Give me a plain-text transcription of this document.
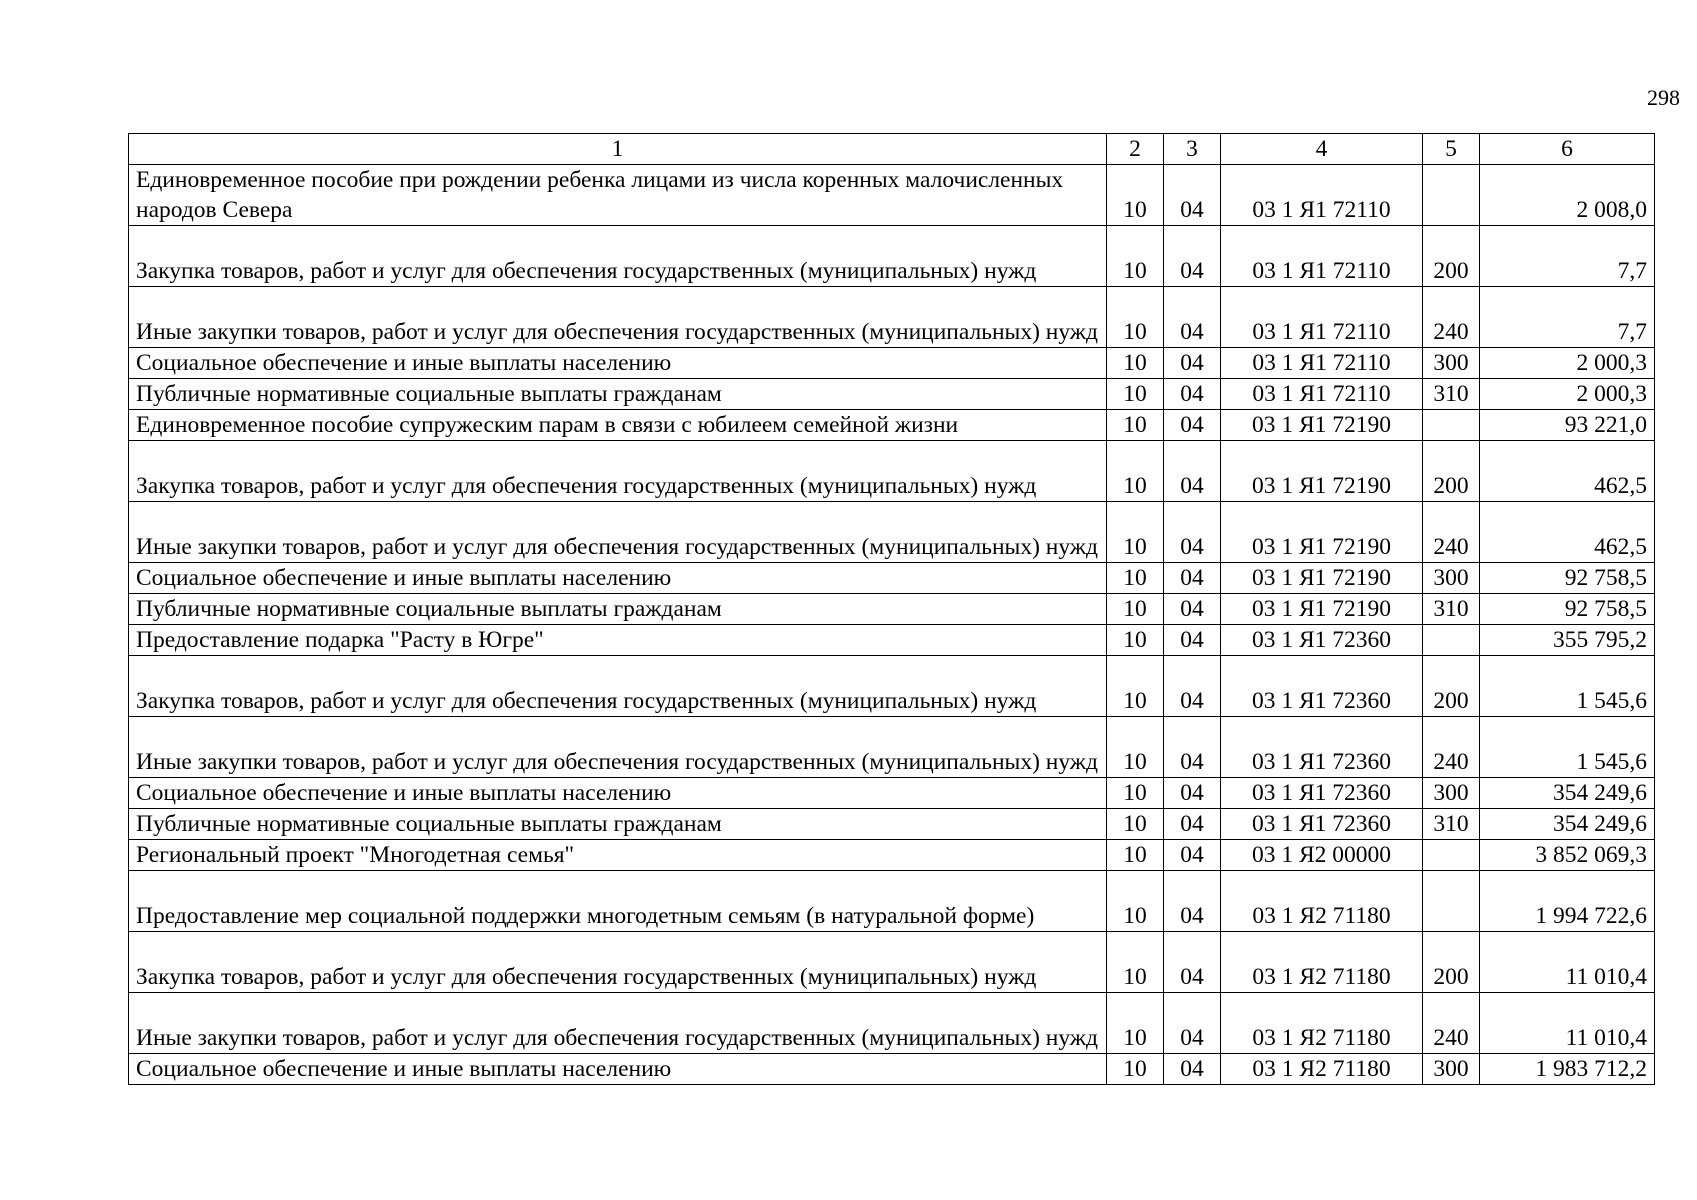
298
1	2	3	4	5	6
Единовременное пособие при рождении ребенка лицами из числа коренных малочисленных народов Севера	10	04	03 1 Я1 72110		2 008,0
Закупка товаров, работ и услуг для обеспечения государственных (муниципальных) нужд	10	04	03 1 Я1 72110	200	7,7
Иные закупки товаров, работ и услуг для обеспечения государственных (муниципальных) нужд	10	04	03 1 Я1 72110	240	7,7
Социальное обеспечение и иные выплаты населению	10	04	03 1 Я1 72110	300	2 000,3
Публичные нормативные социальные выплаты гражданам	10	04	03 1 Я1 72110	310	2 000,3
Единовременное пособие супружеским парам в связи с юбилеем семейной жизни	10	04	03 1 Я1 72190		93 221,0
Закупка товаров, работ и услуг для обеспечения государственных (муниципальных) нужд	10	04	03 1 Я1 72190	200	462,5
Иные закупки товаров, работ и услуг для обеспечения государственных (муниципальных) нужд	10	04	03 1 Я1 72190	240	462,5
Социальное обеспечение и иные выплаты населению	10	04	03 1 Я1 72190	300	92 758,5
Публичные нормативные социальные выплаты гражданам	10	04	03 1 Я1 72190	310	92 758,5
Предоставление подарка "Расту в Югре"	10	04	03 1 Я1 72360		355 795,2
Закупка товаров, работ и услуг для обеспечения государственных (муниципальных) нужд	10	04	03 1 Я1 72360	200	1 545,6
Иные закупки товаров, работ и услуг для обеспечения государственных (муниципальных) нужд	10	04	03 1 Я1 72360	240	1 545,6
Социальное обеспечение и иные выплаты населению	10	04	03 1 Я1 72360	300	354 249,6
Публичные нормативные социальные выплаты гражданам	10	04	03 1 Я1 72360	310	354 249,6
Региональный проект "Многодетная семья"	10	04	03 1 Я2 00000		3 852 069,3
Предоставление мер социальной поддержки многодетным семьям (в натуральной форме)	10	04	03 1 Я2 71180		1 994 722,6
Закупка товаров, работ и услуг для обеспечения государственных (муниципальных) нужд	10	04	03 1 Я2 71180	200	11 010,4
Иные закупки товаров, работ и услуг для обеспечения государственных (муниципальных) нужд	10	04	03 1 Я2 71180	240	11 010,4
Социальное обеспечение и иные выплаты населению	10	04	03 1 Я2 71180	300	1 983 712,2
